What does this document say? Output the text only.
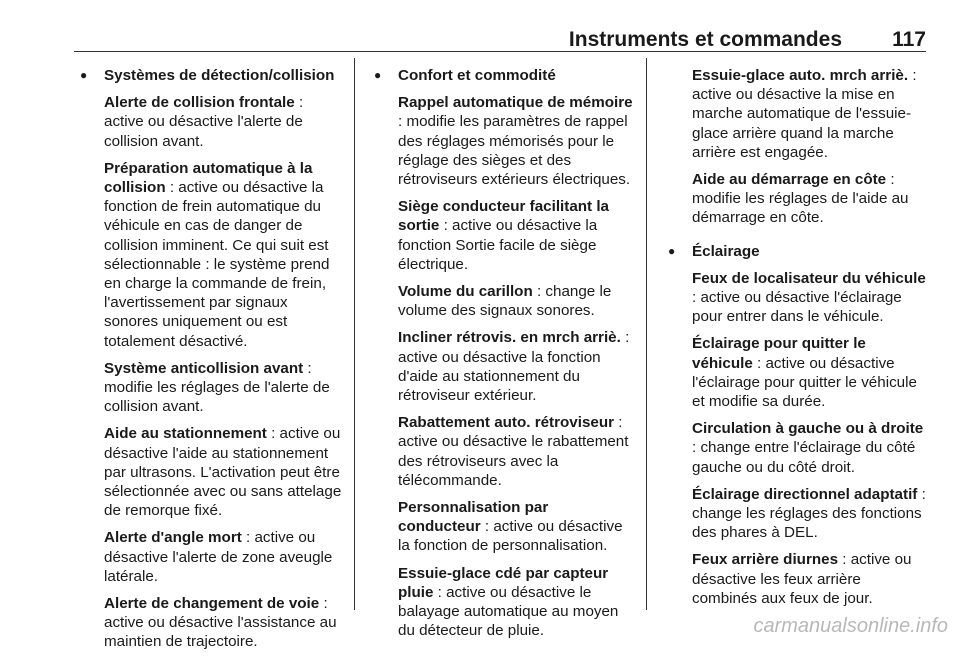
Instruments et commandes 117
● Systèmes de détection/collision
Alerte de collision frontale : active ou désactive l'alerte de collision avant.
Préparation automatique à la collision : active ou désactive la fonction de frein automatique du véhicule en cas de danger de collision imminent. Ce qui suit est sélectionnable : le système prend en charge la commande de frein, l'avertissement par signaux sonores uniquement ou est totalement désactivé.
Système anticollision avant : modifie les réglages de l'alerte de collision avant.
Aide au stationnement : active ou désactive l'aide au stationnement par ultrasons. L'activation peut être sélectionnée avec ou sans attelage de remorque fixé.
Alerte d'angle mort : active ou désactive l'alerte de zone aveugle latérale.
Alerte de changement de voie : active ou désactive l'assistance au maintien de trajectoire.
● Confort et commodité
Rappel automatique de mémoire : modifie les paramètres de rappel des réglages mémorisés pour le réglage des sièges et des rétroviseurs extérieurs électriques.
Siège conducteur facilitant la sortie : active ou désactive la fonction Sortie facile de siège électrique.
Volume du carillon : change le volume des signaux sonores.
Incliner rétrovis. en mrch arriè. : active ou désactive la fonction d'aide au stationnement du rétroviseur extérieur.
Rabattement auto. rétroviseur : active ou désactive le rabattement des rétroviseurs avec la télécommande.
Personnalisation par conducteur : active ou désactive la fonction de personnalisation.
Essuie-glace cdé par capteur pluie : active ou désactive le balayage automatique au moyen du détecteur de pluie.
Essuie-glace auto. mrch arriè. : active ou désactive la mise en marche automatique de l'essuie-glace arrière quand la marche arrière est engagée.
Aide au démarrage en côte : modifie les réglages de l'aide au démarrage en côte.
● Éclairage
Feux de localisateur du véhicule : active ou désactive l'éclairage pour entrer dans le véhicule.
Éclairage pour quitter le véhicule : active ou désactive l'éclairage pour quitter le véhicule et modifie sa durée.
Circulation à gauche ou à droite : change entre l'éclairage du côté gauche ou du côté droit.
Éclairage directionnel adaptatif : change les réglages des fonctions des phares à DEL.
Feux arrière diurnes : active ou désactive les feux arrière combinés aux feux de jour.
carmanualsonline.info
